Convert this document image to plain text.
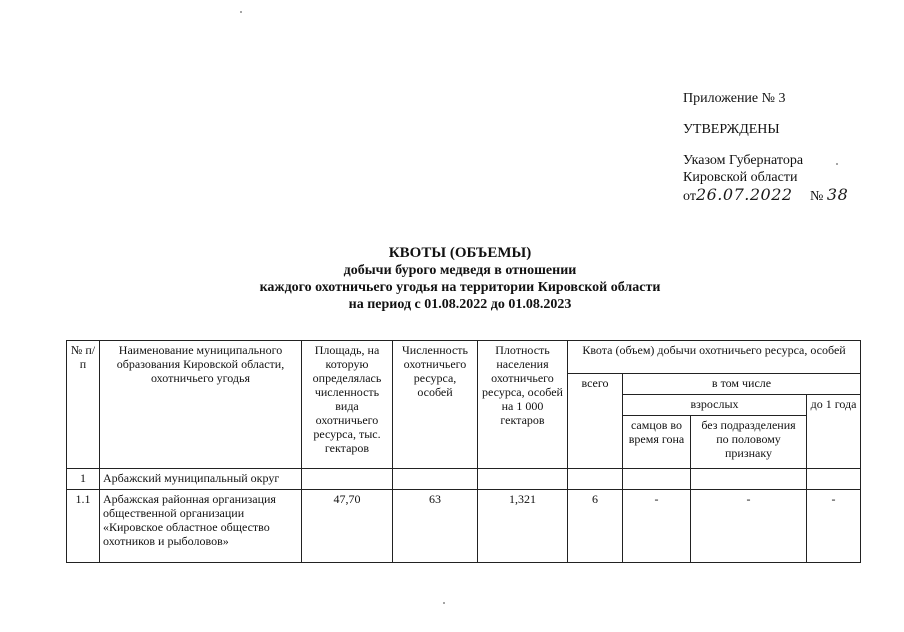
Приложение № 3
УТВЕРЖДЕНЫ
Указом Губернатора
Кировской области
от26.07.2022 № 38
КВОТЫ (ОБЪЕМЫ)
добычи бурого медведя в отношении
каждого охотничьего угодья на территории Кировской области
на период с 01.08.2022 до 01.08.2023
№ п/п	Наименование муниципального образования Кировской области, охотничьего угодья	Площадь, на которую определялась численность вида охотничьего ресурса, тыс. гектаров	Численность охотничьего ресурса, особей	Плотность населения охотничьего ресурса, особей на 1 000 гектаров	Квота (объем) добычи охотничьего ресурса, особей			
					всего	в том числе		
						взрослых		до 1 года
						самцов во время гона	без подразделения по половому признаку	
1	Арбажский муниципальный округ							
1.1	Арбажская районная организация общественной организации «Кировское областное общество охотников и рыболовов»	47,70	63	1,321	6	-	-	-
